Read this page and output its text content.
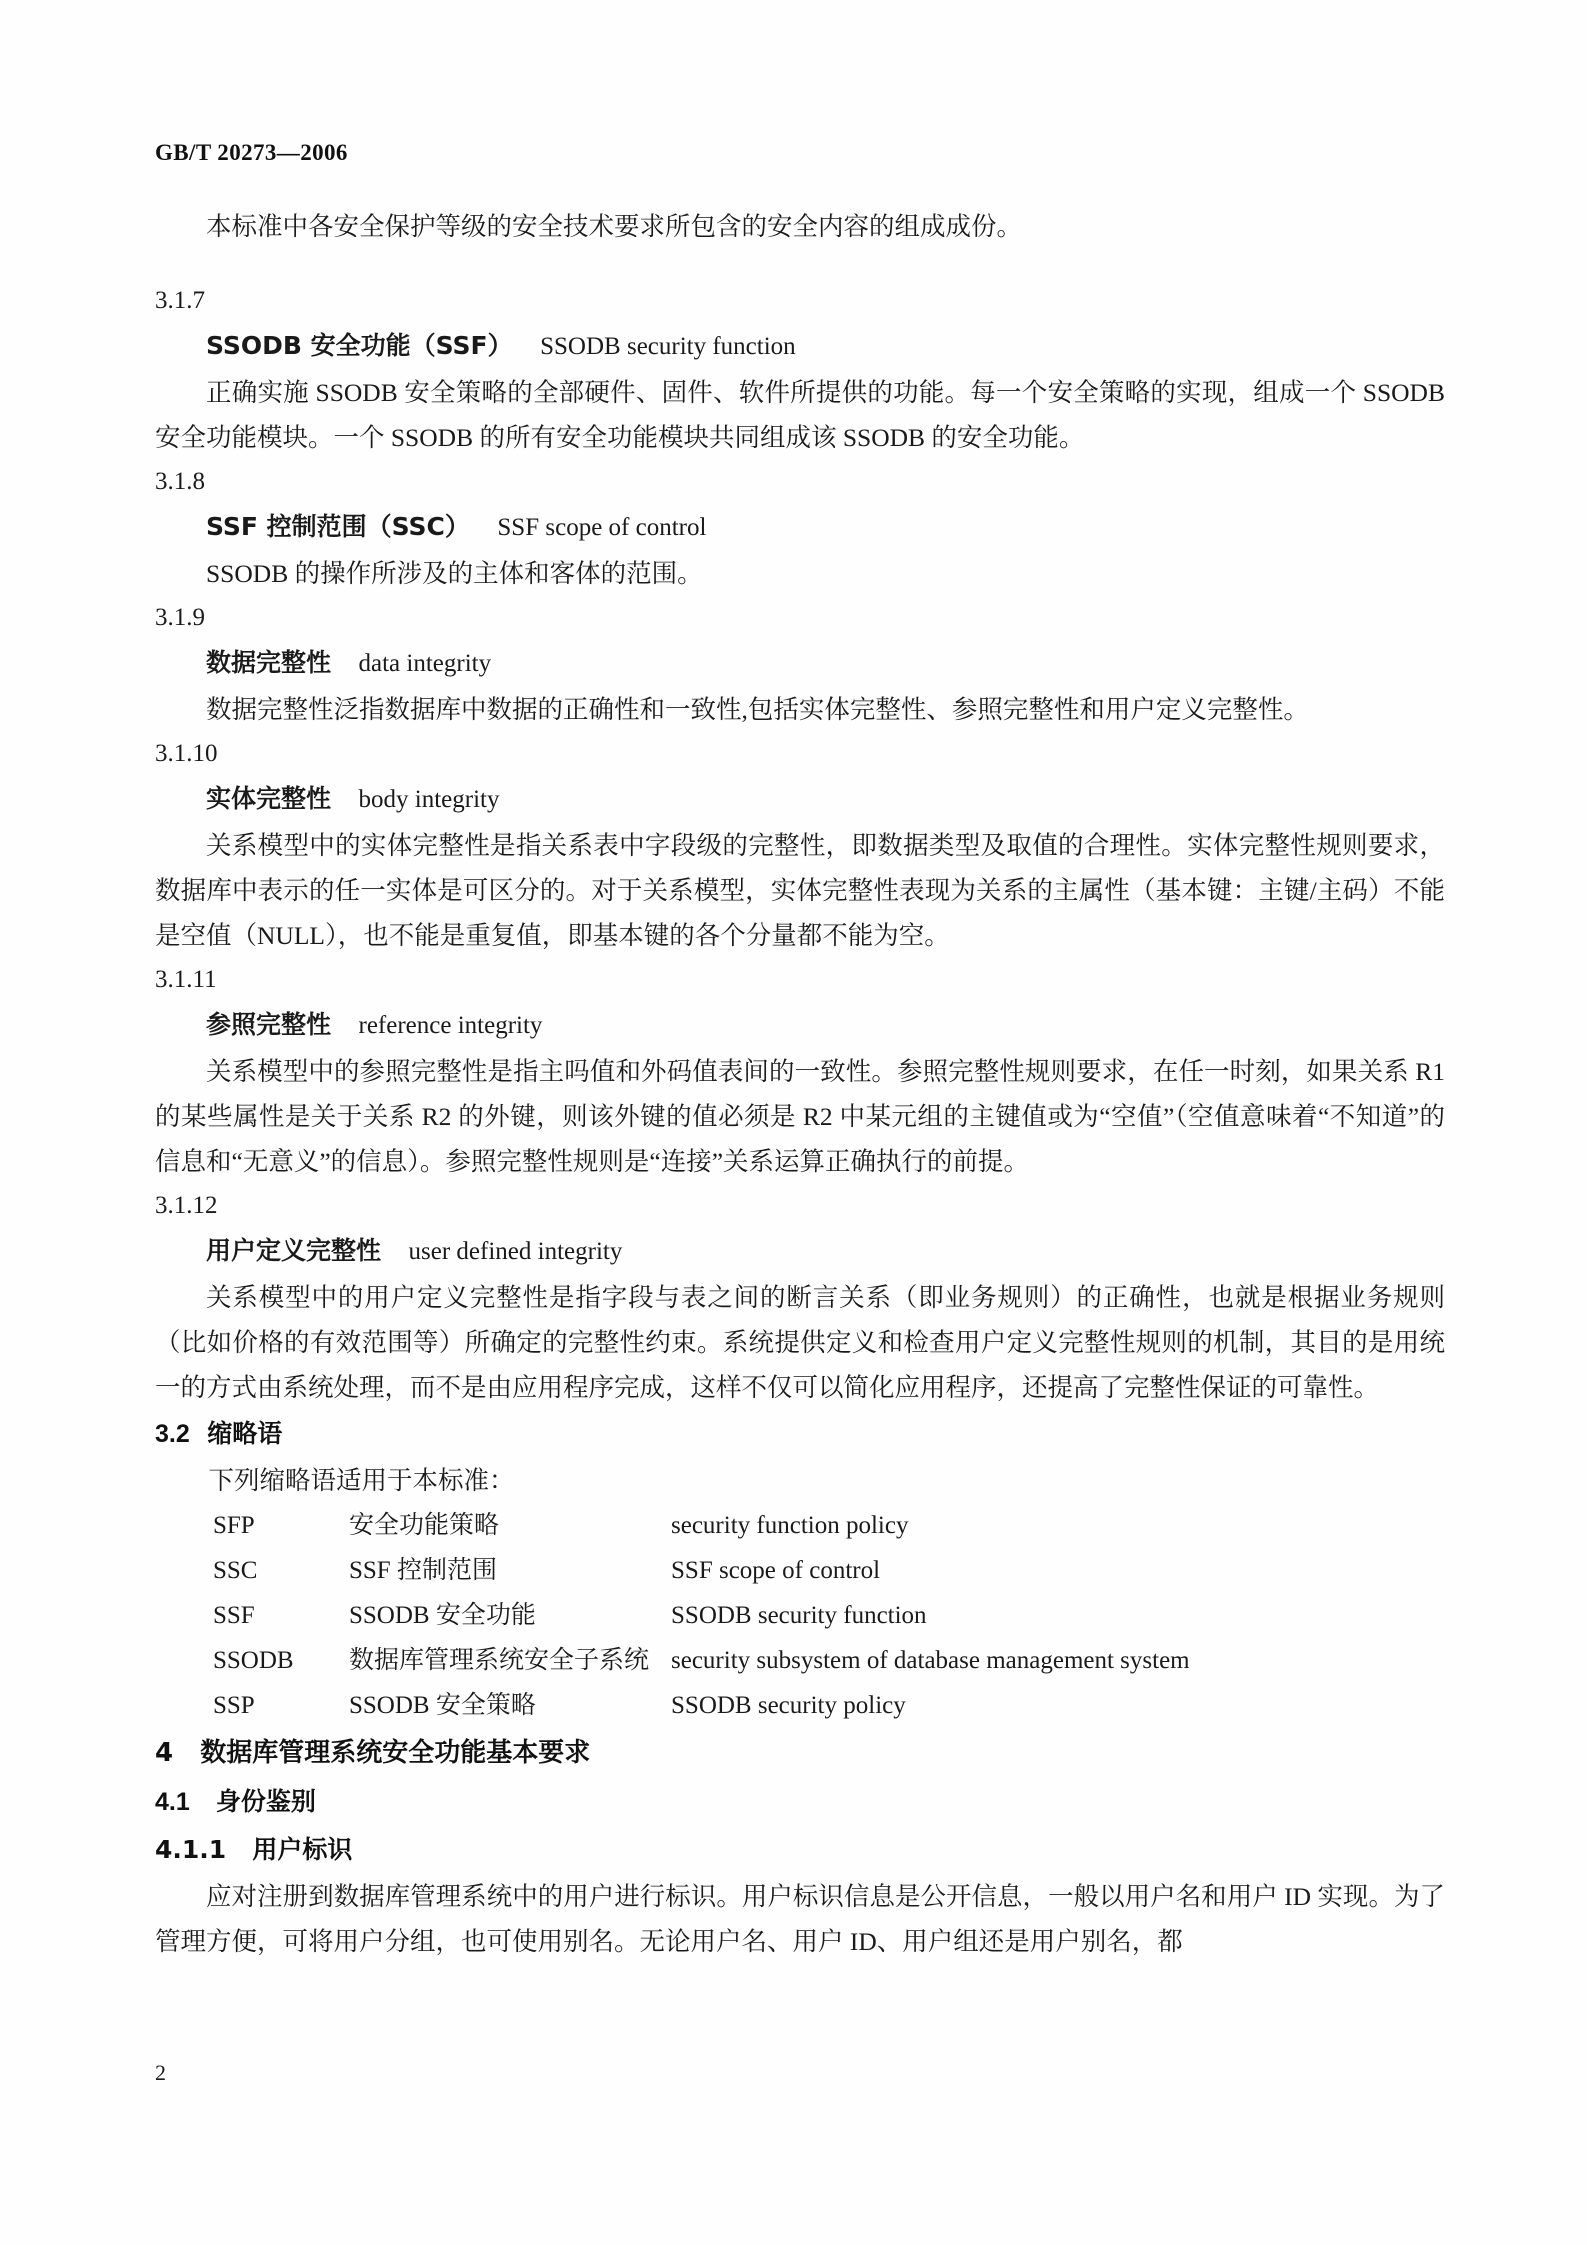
GB/T 20273—2006

本标准中各安全保护等级的安全技术要求所包含的安全内容的组成成份。

3.1.7
SSODB 安全功能（SSF） SSODB security function

正确实施 SSODB 安全策略的全部硬件、固件、软件所提供的功能。每一个安全策略的实现，组成一个 SSODB 安全功能模块。一个 SSODB 的所有安全功能模块共同组成该 SSODB 的安全功能。

3.1.8
SSF 控制范围（SSC） SSF scope of control

SSODB 的操作所涉及的主体和客体的范围。

3.1.9
数据完整性 data integrity

数据完整性泛指数据库中数据的正确性和一致性,包括实体完整性、参照完整性和用户定义完整性。

3.1.10
实体完整性 body integrity

关系模型中的实体完整性是指关系表中字段级的完整性，即数据类型及取值的合理性。实体完整性规则要求，数据库中表示的任一实体是可区分的。对于关系模型，实体完整性表现为关系的主属性（基本键：主键/主码）不能是空值（NULL），也不能是重复值，即基本键的各个分量都不能为空。

3.1.11
参照完整性 reference integrity

关系模型中的参照完整性是指主吗值和外码值表间的一致性。参照完整性规则要求，在任一时刻，如果关系 R1 的某些属性是关于关系 R2 的外键，则该外键的值必须是 R2 中某元组的主键值或为“空值”（空值意味着“不知道”的信息和“无意义”的信息）。参照完整性规则是“连接”关系运算正确执行的前提。

3.1.12
用户定义完整性 user defined integrity

关系模型中的用户定义完整性是指字段与表之间的断言关系（即业务规则）的正确性，也就是根据业务规则（比如价格的有效范围等）所确定的完整性约束。系统提供定义和检查用户定义完整性规则的机制，其目的是用统一的方式由系统处理，而不是由应用程序完成，这样不仅可以简化应用程序，还提高了完整性保证的可靠性。

3.2 缩略语

下列缩略语适用于本标准：

SFP	安全功能策略	security function policy
SSC	SSF 控制范围	SSF scope of control
SSF	SSODB 安全功能	SSODB security function
SSODB	数据库管理系统安全子系统	security subsystem of database management system
SSP	SSODB 安全策略	SSODB security policy
4 数据库管理系统安全功能基本要求
4.1 身份鉴别
4.1.1 用户标识

应对注册到数据库管理系统中的用户进行标识。用户标识信息是公开信息，一般以用户名和用户 ID 实现。为了管理方便，可将用户分组，也可使用别名。无论用户名、用户 ID、用户组还是用户别名，都

2
